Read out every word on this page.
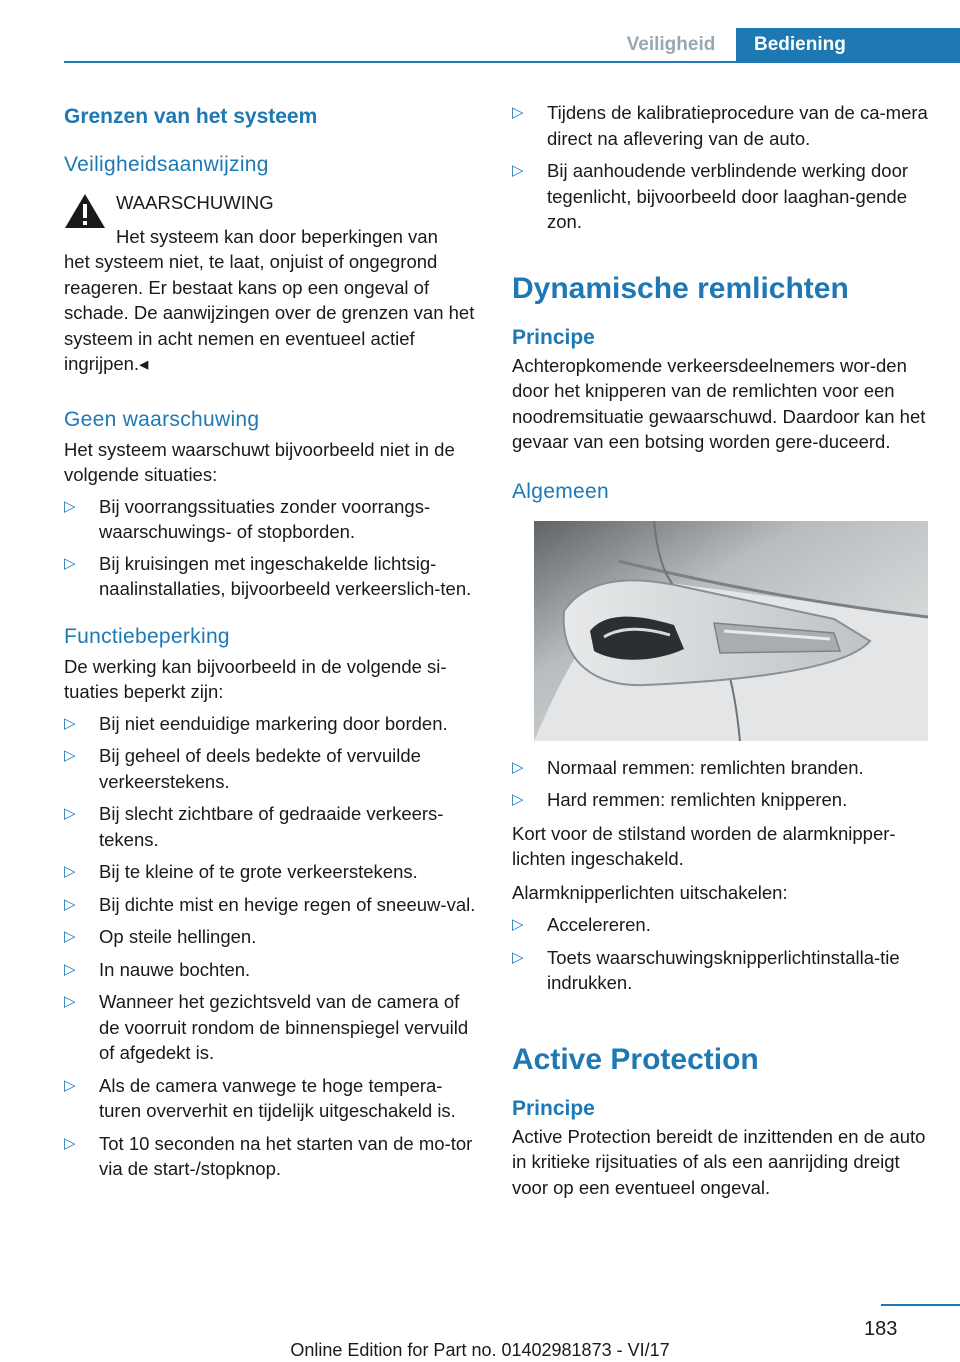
Veiligheid	Bediening
Grenzen van het systeem
Veiligheidsaanwijzing
WAARSCHUWING
Het systeem kan door beperkingen van

het systeem niet, te laat, onjuist of ongegrond reageren. Er bestaat kans op een ongeval of schade. De aanwijzingen over de grenzen van het systeem in acht nemen en eventueel actief ingrijpen.◂

Geen waarschuwing

Het systeem waarschuwt bijvoorbeeld niet in de volgende situaties:

▷ Bij voorrangssituaties zonder voorrangs-waarschuwings- of stopborden.
▷ Bij kruisingen met ingeschakelde lichtsig-naalinstallaties, bijvoorbeeld verkeerslich-ten.
Functiebeperking

De werking kan bijvoorbeeld in de volgende si-tuaties beperkt zijn:

▷ Bij niet eenduidige markering door borden.
▷ Bij geheel of deels bedekte of vervuilde verkeerstekens.
▷ Bij slecht zichtbare of gedraaide verkeers-tekens.
▷ Bij te kleine of te grote verkeerstekens.
▷ Bij dichte mist en hevige regen of sneeuw-val.
▷ Op steile hellingen.
▷ In nauwe bochten.
▷ Wanneer het gezichtsveld van de camera of de voorruit rondom de binnenspiegel vervuild of afgedekt is.
▷ Als de camera vanwege te hoge tempera-turen oververhit en tijdelijk uitgeschakeld is.
▷ Tot 10 seconden na het starten van de mo-tor via de start-/stopknop.
▷ Tijdens de kalibratieprocedure van de ca-mera direct na aflevering van de auto.
▷ Bij aanhoudende verblindende werking door tegenlicht, bijvoorbeeld door laaghan-gende zon.
Dynamische remlichten
Principe

Achteropkomende verkeersdeelnemers wor-den door het knipperen van de remlichten voor een noodremsituatie gewaarschuwd. Daardoor kan het gevaar van een botsing worden gere-duceerd.

Algemeen
▷ Normaal remmen: remlichten branden.
▷ Hard remmen: remlichten knipperen.

Kort voor de stilstand worden de alarmknipper-lichten ingeschakeld.

Alarmknipperlichten uitschakelen:

▷ Accelereren.
▷ Toets waarschuwingsknipperlichtinstalla-tie indrukken.
Active Protection
Principe

Active Protection bereidt de inzittenden en de auto in kritieke rijsituaties of als een aanrijding dreigt voor op een eventueel ongeval.

183
Online Edition for Part no. 01402981873 - VI/17
